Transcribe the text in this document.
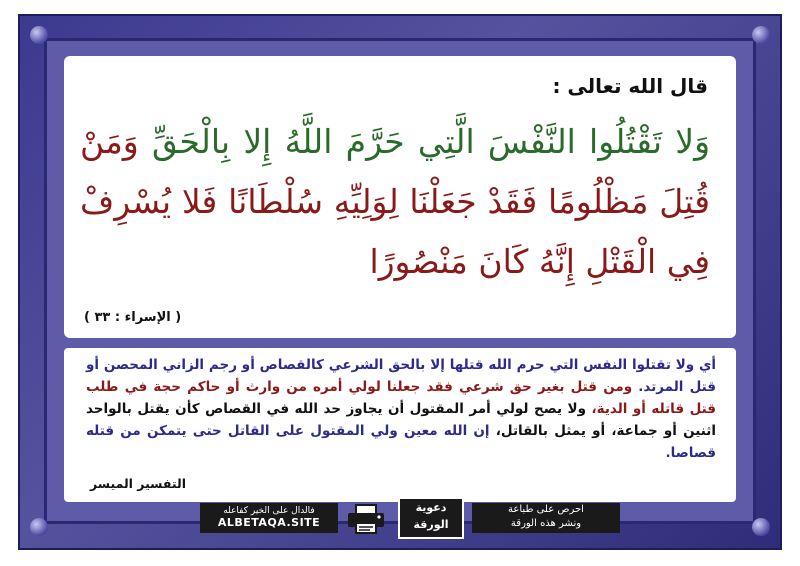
قال الله تعالى :
وَلا تَقْتُلُوا النَّفْسَ الَّتِي حَرَّمَ اللَّهُ إِلا بِالْحَقِّ وَمَنْ قُتِلَ مَظْلُومًا فَقَدْ جَعَلْنَا لِوَلِيِّهِ سُلْطَانًا فَلا يُسْرِفْ فِي الْقَتْلِ إِنَّهُ كَانَ مَنْصُورًا
( الإسراء : ٣٣ )
أي ولا تقتلوا النفس التي حرم الله قتلها إلا بالحق الشرعي كالقصاص أو رجم الزاني المحصن أو قتل المرتد. ومن قتل بغير حق شرعي فقد جعلنا لولي أمره من وارث أو حاكم حجة في طلب قتل قاتله أو الدية، ولا يصح لولي أمر المقتول أن يجاوز حد الله في القصاص كأن يقتل بالواحد اثنين أو جماعة، أو يمثل بالقاتل، إن الله معين ولي المقتول على القاتل حتى يتمكن من قتله قصاصا.
التفسير الميسر
فالدال على الخير كفاعله
ALBETAQA.SITE
دعوية
الورقة
احرص على طباعة
ونشر هذه الورقة
